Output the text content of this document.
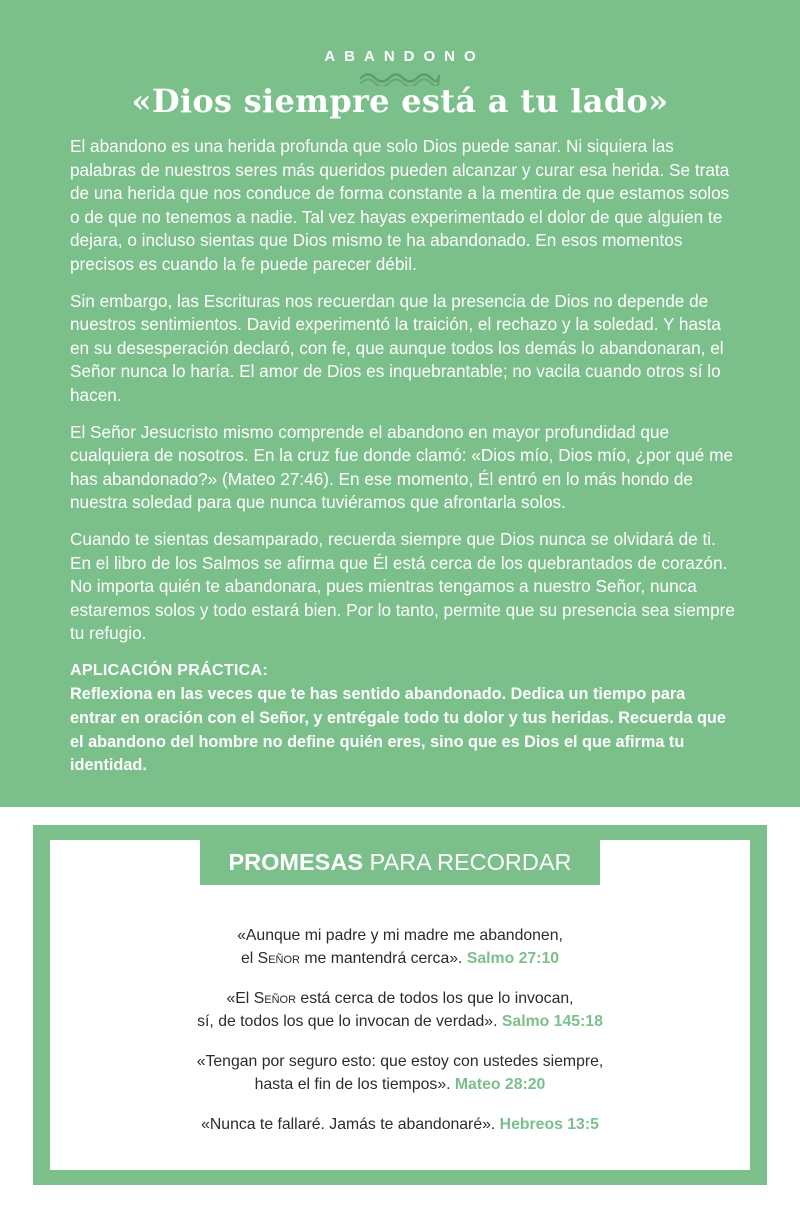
ABANDONO
«Dios siempre está a tu lado»

El abandono es una herida profunda que solo Dios puede sanar. Ni siquiera las palabras de nuestros seres más queridos pueden alcanzar y curar esa herida. Se trata de una herida que nos conduce de forma constante a la mentira de que estamos solos o de que no tenemos a nadie. Tal vez hayas experimentado el dolor de que alguien te dejara, o incluso sientas que Dios mismo te ha abandonado. En esos momentos precisos es cuando la fe puede parecer débil.

Sin embargo, las Escrituras nos recuerdan que la presencia de Dios no depende de nuestros sentimientos. David experimentó la traición, el rechazo y la soledad. Y hasta en su desesperación declaró, con fe, que aunque todos los demás lo abandonaran, el Señor nunca lo haría. El amor de Dios es inquebrantable; no vacila cuando otros sí lo hacen.

El Señor Jesucristo mismo comprende el abandono en mayor profundidad que cualquiera de nosotros. En la cruz fue donde clamó: «Dios mío, Dios mío, ¿por qué me has abandonado?» (Mateo 27:46). En ese momento, Él entró en lo más hondo de nuestra soledad para que nunca tuviéramos que afrontarla solos.

Cuando te sientas desamparado, recuerda siempre que Dios nunca se olvidará de ti. En el libro de los Salmos se afirma que Él está cerca de los quebrantados de corazón. No importa quién te abandonara, pues mientras tengamos a nuestro Señor, nunca estaremos solos y todo estará bien. Por lo tanto, permite que su presencia sea siempre tu refugio.

APLICACIÓN PRÁCTICA:
Reflexiona en las veces que te has sentido abandonado. Dedica un tiempo para entrar en oración con el Señor, y entrégale todo tu dolor y tus heridas. Recuerda que el abandono del hombre no define quién eres, sino que es Dios el que afirma tu identidad.
PROMESAS PARA RECORDAR
«Aunque mi padre y mi madre me abandonen,
el Señor me mantendrá cerca». Salmo 27:10
«El Señor está cerca de todos los que lo invocan,
sí, de todos los que lo invocan de verdad». Salmo 145:18
«Tengan por seguro esto: que estoy con ustedes siempre,
hasta el fin de los tiempos». Mateo 28:20
«Nunca te fallaré. Jamás te abandonaré». Hebreos 13:5
